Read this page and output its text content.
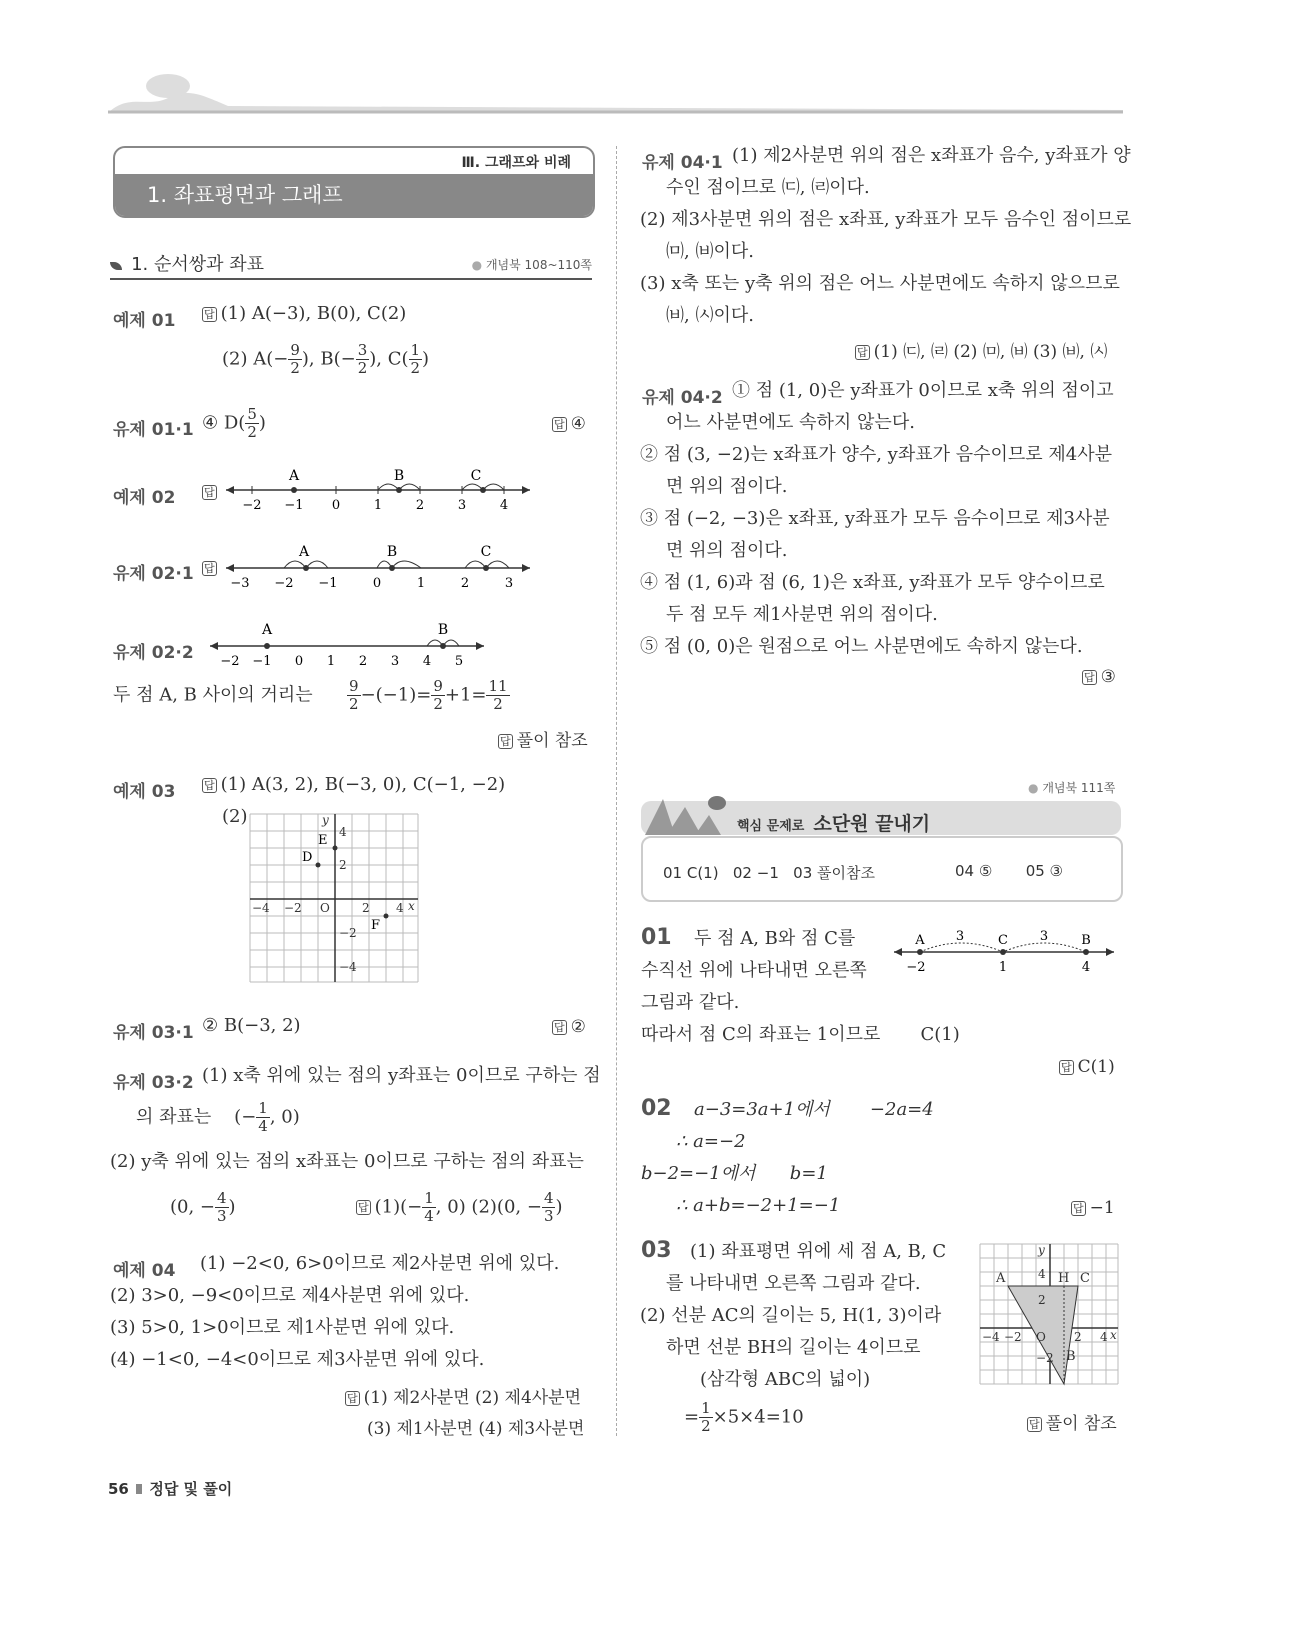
Ⅲ. 그래프와 비례
1. 좌표평면과 그래프
1. 순서쌍과 좌표	● 개념북 108~110쪽
예제 01	답 (1) A(−3), B(0), C(2)
(2) $A(- \frac{9}{2}$ ), $B(- \frac{3}{2}$ ), $C( \frac{1}{2}$ )
유제 01·1 ④ $D( \frac{5}{2}$ )	답 ④
예제 02	답
−2 −1 0	1	2	3	4
A	B	C
유제 02·1 답
−3 −2 −1	0	1	2	3
A	B	C
유제 02·2 −2 −1 0 1 2 3 4 5
A	B
두 점 A, B 사이의 거리는 $\frac{9}{2} -(-1)= \frac{9}{2} +1= \frac{11}{2}$
답 풀이 참조
예제 03	답 (1) A(3, 2), B(−3, 0), C(−1, −2)
(2)
−4 −2 O	2 4 x
4
2
−2
−4
y
E
D
F
유제 03·1 ② B(−3, 2)	답 ②
유제 03·2 (1) x축 위에 있는 점의 y좌표는 0이므로 구하는 점
의 좌표는    (− $\frac{1}{4}$ , 0)
(2) y축 위에 있는 점의 x좌표는 0이므로 구하는 점의 좌표는
(0, − $\frac{4}{3}$ )	답 $(1)(- \frac{1}{4}$ , 0) (2)(0, − $\frac{4}{3}$ )
예제 04 (1) −2<0, 6>0이므로 제2사분면 위에 있다.
(2) 3>0, −9<0이므로 제4사분면 위에 있다.
(3) 5>0, 1>0이므로 제1사분면 위에 있다.
(4) −1<0, −4<0이므로 제3사분면 위에 있다.
답 (1) 제2사분면 (2) 제4사분면
(3) 제1사분면 (4) 제3사분면
유제 04·1 (1) 제2사분면 위의 점은 x좌표가 음수, y좌표가 양
수인 점이므로 ㈂, ㈃이다.
(2) 제3사분면 위의 점은 x좌표, y좌표가 모두 음수인 점이므로
㈄, ㈅이다.
(3) x축 또는 y축 위의 점은 어느 사분면에도 속하지 않으므로
㈅, ㈆이다.
답 (1) ㈂, ㈃ (2) ㈄, ㈅ (3) ㈅, ㈆
유제 04·2 ① 점 (1, 0)은 y좌표가 0이므로 x축 위의 점이고
어느 사분면에도 속하지 않는다.
② 점 (3, −2)는 x좌표가 양수, y좌표가 음수이므로 제4사분
면 위의 점이다.
③ 점 (−2, −3)은 x좌표, y좌표가 모두 음수이므로 제3사분
면 위의 점이다.
④ 점 (1, 6)과 점 (6, 1)은 x좌표, y좌표가 모두 양수이므로
두 점 모두 제1사분면 위의 점이다.
⑤ 점 (0, 0)은 원점으로 어느 사분면에도 속하지 않는다.
답 ③
● 개념북 111쪽
핵심 문제로 소단원 끝내기
01 C(1) 02 −1 03 풀이참조	04 ⑤ 05 ③
01 두 점 A, B와 점 C를
수직선 위에 나타내면 오른쪽
그림과 같다.
따라서 점 C의 좌표는 1이므로 C(1)
A	C	B
3	3
−2	1	4
답 C(1)
02 a−3=3a+1에서 −2a=4
∴ a=−2
b−2=−1에서 b=1
∴ a+b=−2+1=−1	답 −1
03 (1) 좌표평면 위에 세 점 A, B, C
를 나타내면 오른쪽 그림과 같다.
(2) 선분 AC의 길이는 5, H(1, 3)이라
하면 선분 BH의 길이는 4이므로
(삼각형 ABC의 넓이)
= $\frac{1}{2} \times 5\times 4=10$
−4 −2 O 2 4 x
4
2
−2
y
A	H C
B
답 풀이 참조
56 정답 및 풀이
